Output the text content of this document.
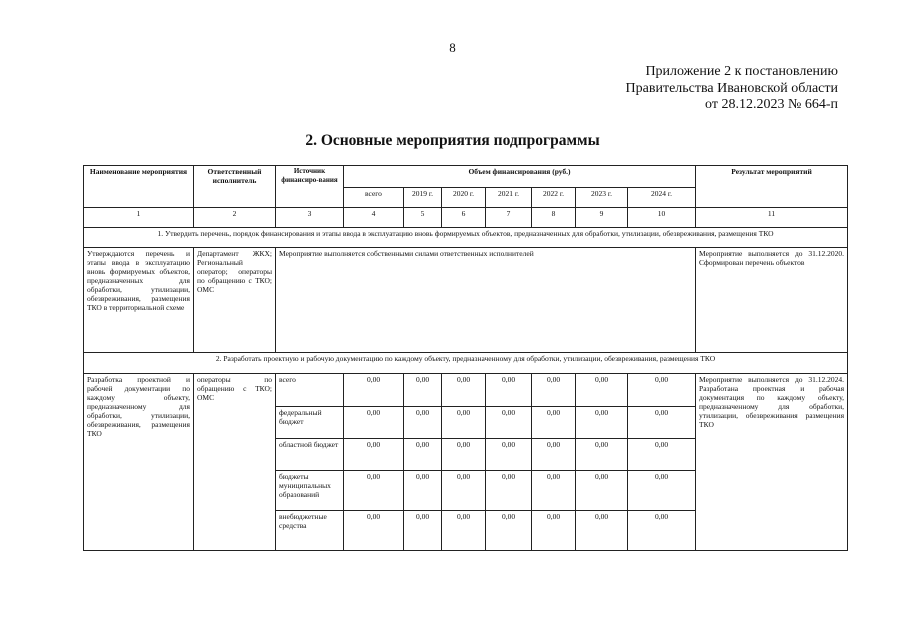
8
Приложение 2 к постановлению
Правительства Ивановской области
от 28.12.2023 № 664-п
2. Основные мероприятия подпрограммы
Наименование мероприятия	Ответственный исполнитель	Источник финансиро-вания	Объем финансирования (руб.)							Результат мероприятий
			всего	2019 г.	2020 г.	2021 г.	2022 г.	2023 г.	2024 г.	
1	2	3	4	5	6	7	8	9	10	11
1. Утвердить перечень, порядок финансирования и этапы ввода в эксплуатацию вновь формируемых объектов, предназначенных для обработки, утилизации, обезвреживания, размещения ТКО										
Утверждаются перечень и этапы ввода в эксплуатацию вновь формируемых объектов, предназначенных для обработки, утилизации, обезвреживания, размещения ТКО в территориальной схеме	Департамент ЖКХ; Региональный оператор; операторы по обращению с ТКО; ОМС	Мероприятие выполняется собственными силами ответственных исполнителей								Мероприятие выполняется до 31.12.2020. Сформирован перечень объектов
2. Разработать проектную и рабочую документацию по каждому объекту, предназначенному для обработки, утилизации, обезвреживания, размещения ТКО										
Разработка проектной и рабочей документации по каждому объекту, предназначенному для обработки, утилизации, обезвреживания, размещения ТКО	операторы по обращению с ТКО; ОМС	всего	0,00	0,00	0,00	0,00	0,00	0,00	0,00	Мероприятие выполняется до 31.12.2024. Разработана проектная и рабочая документация по каждому объекту, предназначенному для обработки, утилизации, обезвреживания размещения ТКО
		федеральный бюджет	0,00	0,00	0,00	0,00	0,00	0,00	0,00	
		областной бюджет	0,00	0,00	0,00	0,00	0,00	0,00	0,00	
		бюджеты муниципальных образований	0,00	0,00	0,00	0,00	0,00	0,00	0,00	
		внебюджетные средства	0,00	0,00	0,00	0,00	0,00	0,00	0,00	
